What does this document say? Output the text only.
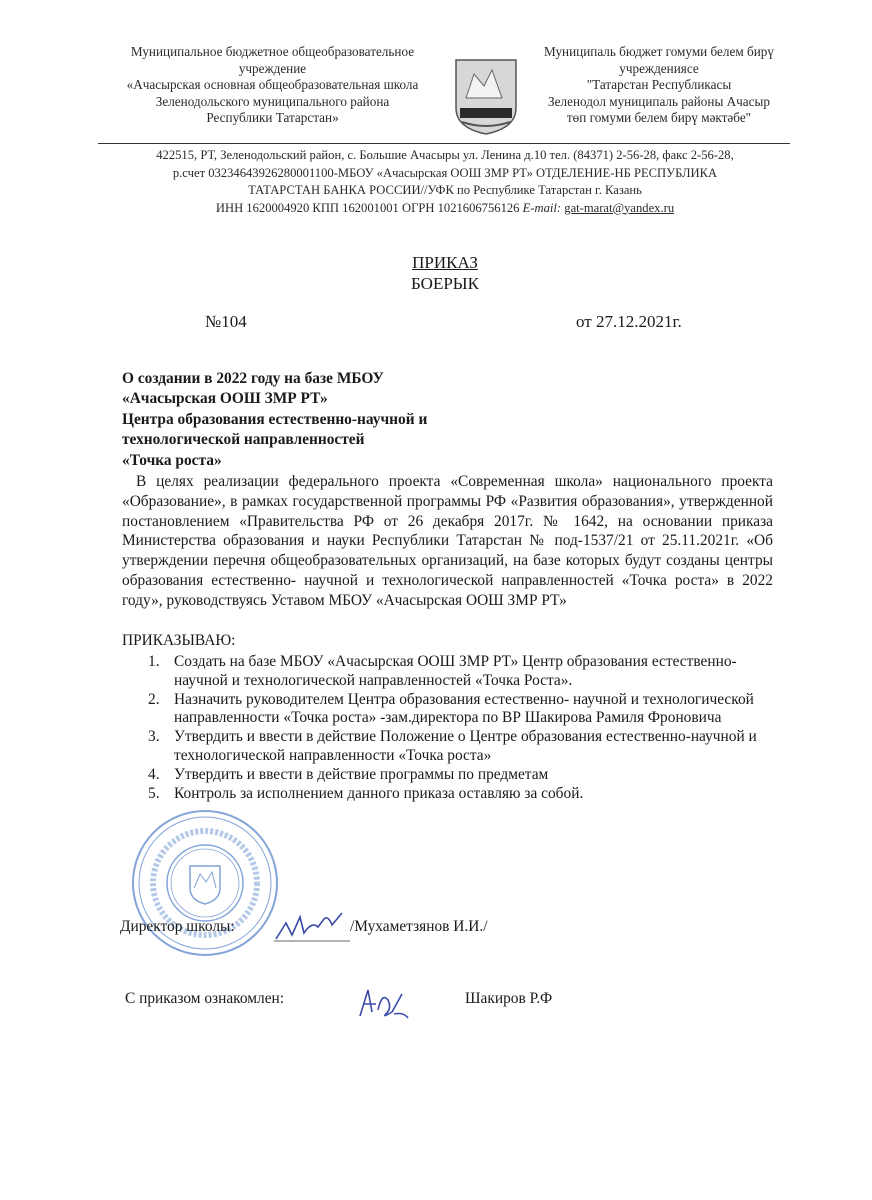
Муниципальное бюджетное общеобразовательное
учреждение
«Ачасырская основная общеобразовательная школа
Зеленодольского муниципального района
Республики Татарстан»
Муниципаль бюджет гомуми белем бирү
учреждениясе
"Татарстан Республикасы
Зеленодол муниципаль районы Ачасыр
төп гомуми белем бирү мәктәбе"
422515, РТ, Зеленодольский район, с. Большие Ачасыры ул. Ленина д.10 тел. (84371) 2-56-28, факс 2-56-28,
р.счет 03234643926280001100-МБОУ «Ачасырская ООШ ЗМР РТ» ОТДЕЛЕНИЕ-НБ РЕСПУБЛИКА
ТАТАРСТАН БАНКА РОССИИ//УФК по Республике Татарстан г. Казань
ИНН 1620004920 КПП 162001001 ОГРН 1021606756126 E-mail: gat-marat@yandex.ru
ПРИКАЗ
БОЕРЫК
№104	от 27.12.2021г.
О создании в 2022 году на базе МБОУ
«Ачасырская ООШ ЗМР РТ»
Центра образования естественно-научной и
технологической направленностей
«Точка роста»

В целях реализации федерального проекта «Современная школа» национального проекта «Образование», в рамках государственной программы РФ «Развития образования», утвержденной постановлением «Правительства РФ от 26 декабря 2017г. № 1642, на основании приказа Министерства образования и науки Республики Татарстан № под-1537/21 от 25.11.2021г. «Об утверждении перечня общеобразовательных организаций, на базе которых будут созданы центры образования естественно- научной и технологической направленностей «Точка роста» в 2022 году», руководствуясь Уставом МБОУ «Ачасырская ООШ ЗМР РТ»

ПРИКАЗЫВАЮ:
1. Создать на базе МБОУ «Ачасырская ООШ ЗМР РТ» Центр образования естественно- научной и технологической направленностей «Точка Роста».
2. Назначить руководителем Центра образования естественно- научной и технологической направленности «Точка роста» -зам.директора по ВР Шакирова Рамиля Фроновича
3. Утвердить и ввести в действие Положение о Центре образования естественно-научной и технологической направленности «Точка роста»
4. Утвердить и ввести в действие программы по предметам
5. Контроль за исполнением данного приказа оставляю за собой.
Директор школы:	/Мухаметзянов И.И./
С приказом ознакомлен:	Шакиров Р.Ф
